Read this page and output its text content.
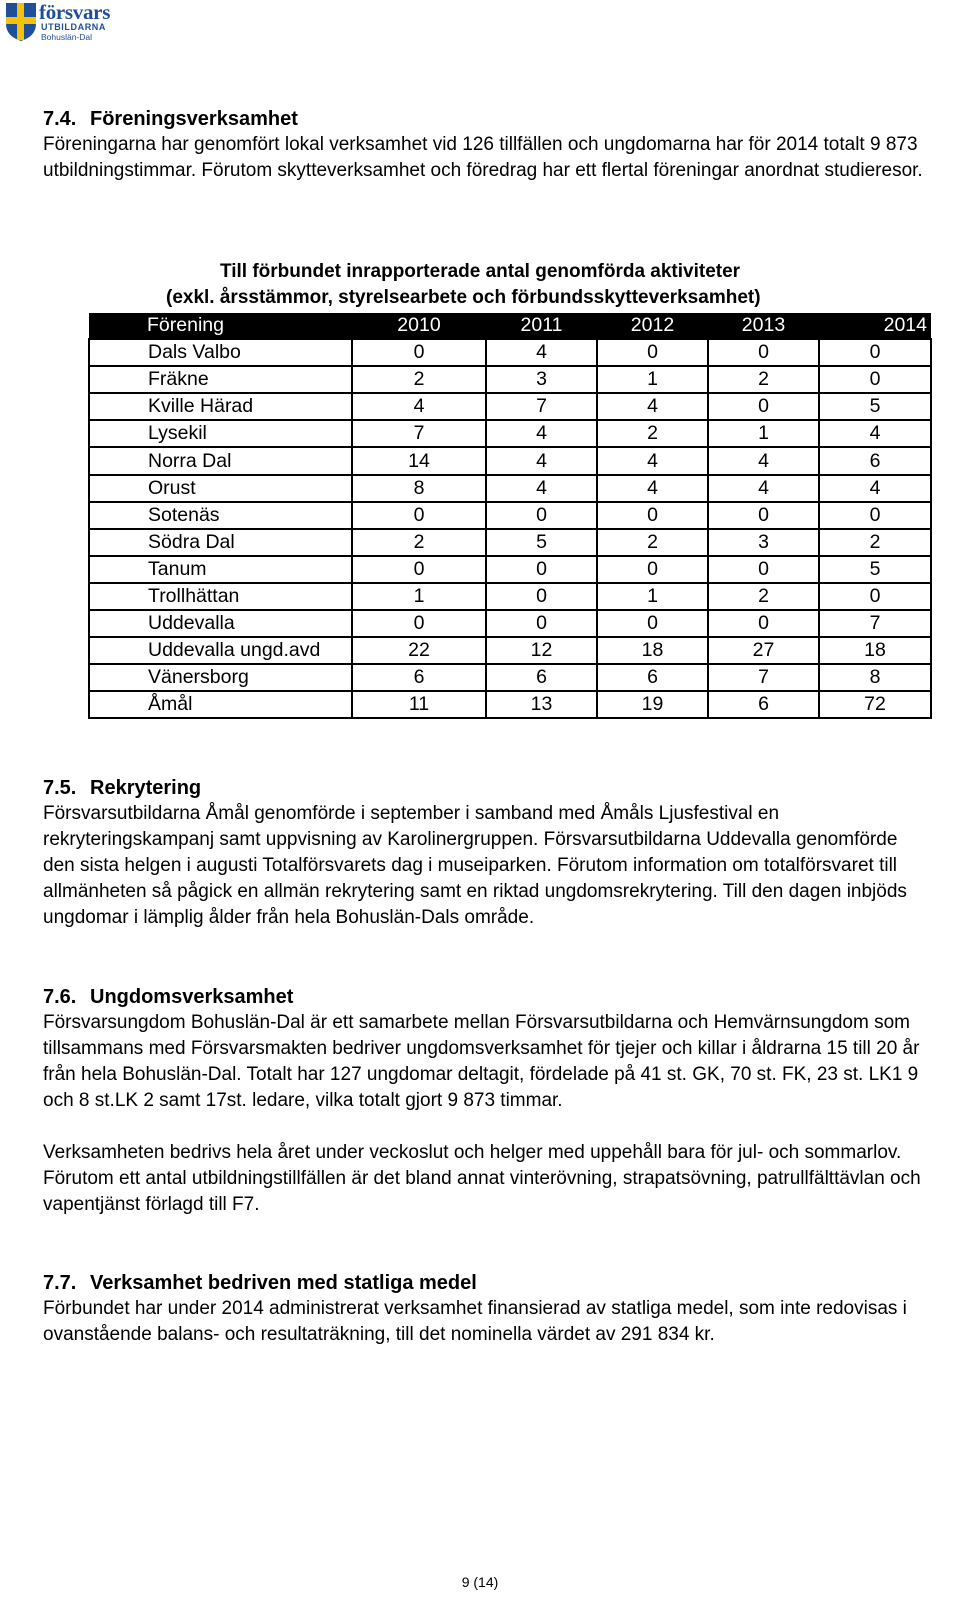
försvars
UTBILDARNA
Bohuslän-Dal
7.4. Föreningsverksamhet

Föreningarna har genomfört lokal verksamhet vid 126 tillfällen och ungdomarna har för 2014 totalt 9 873 utbildningstimmar. Förutom skytteverksamhet och föredrag har ett flertal föreningar anordnat studieresor.

Till förbundet inrapporterade antal genomförda aktiviteter
(exkl. årsstämmor, styrelsearbete och förbundsskytteverksamhet)
Förening	2010	2011	2012	2013	2014
Dals Valbo	0	4	0	0	0
Fräkne	2	3	1	2	0
Kville Härad	4	7	4	0	5
Lysekil	7	4	2	1	4
Norra Dal	14	4	4	4	6
Orust	8	4	4	4	4
Sotenäs	0	0	0	0	0
Södra Dal	2	5	2	3	2
Tanum	0	0	0	0	5
Trollhättan	1	0	1	2	0
Uddevalla	0	0	0	0	7
Uddevalla ungd.avd	22	12	18	27	18
Vänersborg	6	6	6	7	8
Åmål	11	13	19	6	72
7.5. Rekrytering

Försvarsutbildarna Åmål genomförde i september i samband med Åmåls Ljusfestival en rekryteringskampanj samt uppvisning av Karolinergruppen. Försvarsutbildarna Uddevalla genomförde den sista helgen i augusti Totalförsvarets dag i museiparken. Förutom information om totalförsvaret till allmänheten så pågick en allmän rekrytering samt en riktad ungdomsrekrytering. Till den dagen inbjöds ungdomar i lämplig ålder från hela Bohuslän-Dals område.

7.6. Ungdomsverksamhet

Försvarsungdom Bohuslän-Dal är ett samarbete mellan Försvarsutbildarna och Hemvärnsungdom som tillsammans med Försvarsmakten bedriver ungdomsverksamhet för tjejer och killar i åldrarna 15 till 20 år från hela Bohuslän-Dal. Totalt har 127 ungdomar deltagit, fördelade på 41 st. GK, 70 st. FK, 23 st. LK1 9 och 8 st.LK 2 samt 17st. ledare, vilka totalt gjort 9 873 timmar.

Verksamheten bedrivs hela året under veckoslut och helger med uppehåll bara för jul- och sommarlov. Förutom ett antal utbildningstillfällen är det bland annat vinterövning, strapatsövning, patrullfälttävlan och vapentjänst förlagd till F7.

7.7. Verksamhet bedriven med statliga medel

Förbundet har under 2014 administrerat verksamhet finansierad av statliga medel, som inte redovisas i ovanstående balans- och resultaträkning, till det nominella värdet av 291 834 kr.

9 (14)
